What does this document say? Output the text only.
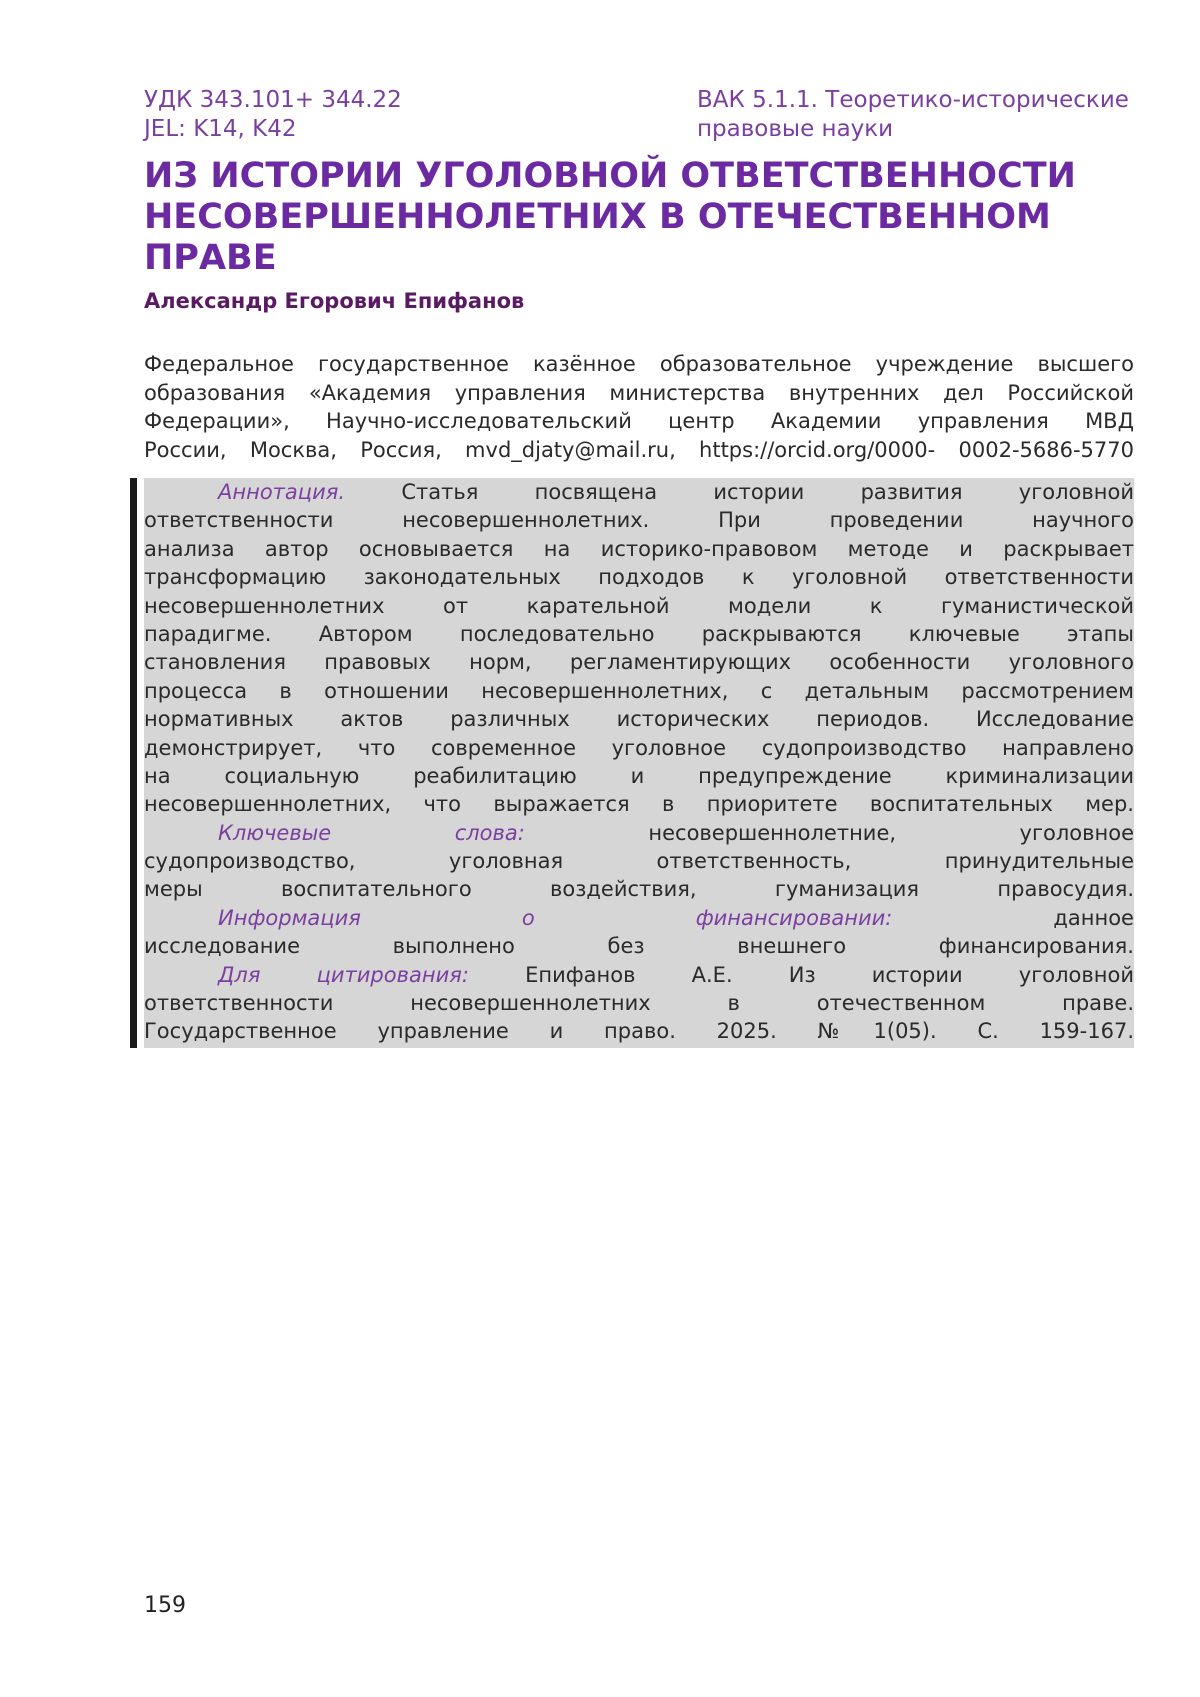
УДК 343.101+ 344.22
JEL: K14, K42
ВАК 5.1.1. Теоретико-исторические
правовые науки
ИЗ ИСТОРИИ УГОЛОВНОЙ ОТВЕТСТВЕННОСТИ
НЕСОВЕРШЕННОЛЕТНИХ В ОТЕЧЕСТВЕННОМ
ПРАВЕ
Александр Егорович Епифанов
Федеральное государственное казённое образовательное учреждение высшего
образования «Академия управления министерства внутренних дел Российской
Федерации», Научно-исследовательский центр Академии управления МВД
России, Москва, Россия, mvd_djaty@mail.ru, https://orcid.org/0000- 0002-5686-5770
Аннотация.	Статья посвящена истории развития уголовной
ответственности несовершеннолетних. При проведении научного
анализа автор основывается на историко-правовом методе и раскрывает
трансформацию законодательных подходов к уголовной ответственности
несовершеннолетних от карательной модели к гуманистической
парадигме. Автором последовательно раскрываются ключевые этапы
становления правовых норм, регламентирующих особенности уголовного
процесса в отношении несовершеннолетних, с детальным рассмотрением
нормативных актов различных исторических периодов. Исследование
демонстрирует, что современное уголовное судопроизводство направлено
на социальную реабилитацию и предупреждение криминализации
несовершеннолетних, что выражается в приоритете воспитательных мер.
Ключевые слова:	несовершеннолетние, уголовное
судопроизводство, уголовная ответственность, принудительные
меры воспитательного воздействия, гуманизация правосудия.
Информация о финансировании:	данное
исследование выполнено без внешнего финансирования.
Для цитирования:	Епифанов А.Е. Из истории уголовной
ответственности несовершеннолетних в отечественном праве.
Государственное управление и право. 2025. №1(05). С. 159-167.
159
